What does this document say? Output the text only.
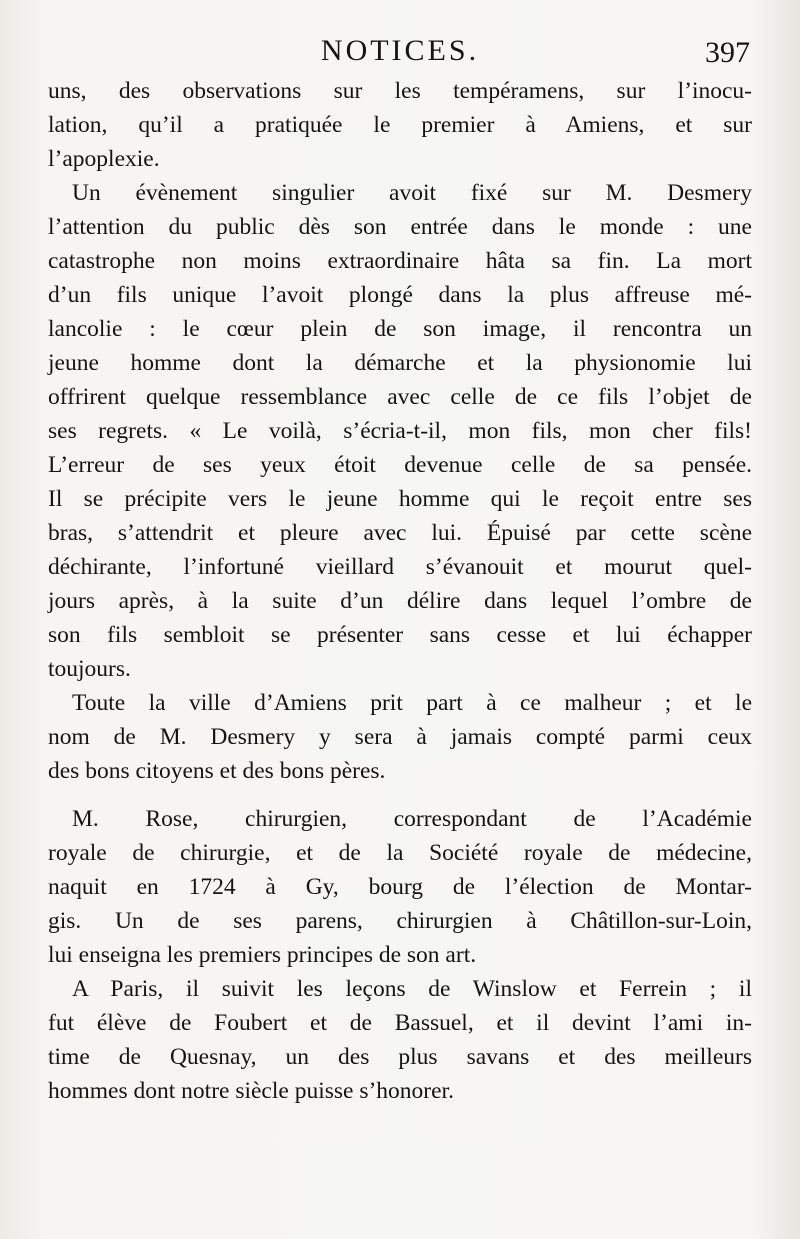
NOTICES.	397
uns, des observations sur les tempéramens, sur l’inocu-
lation, qu’il a pratiquée le premier à Amiens, et sur
l’apoplexie.
Un évènement singulier avoit fixé sur M. Desmery
l’attention du public dès son entrée dans le monde : une
catastrophe non moins extraordinaire hâta sa fin. La mort
d’un fils unique l’avoit plongé dans la plus affreuse mé-
lancolie : le cœur plein de son image, il rencontra un
jeune homme dont la démarche et la physionomie lui
offrirent quelque ressemblance avec celle de ce fils l’objet de
ses regrets. « Le voilà, s’écria-t-il, mon fils, mon cher fils!
L’erreur de ses yeux étoit devenue celle de sa pensée.
Il se précipite vers le jeune homme qui le reçoit entre ses
bras, s’attendrit et pleure avec lui. Épuisé par cette scène
déchirante, l’infortuné vieillard s’évanouit et mourut quel-
jours après, à la suite d’un délire dans lequel l’ombre de
son fils sembloit se présenter sans cesse et lui échapper
toujours.
Toute la ville d’Amiens prit part à ce malheur ; et le
nom de M. Desmery y sera à jamais compté parmi ceux
des bons citoyens et des bons pères.
M. Rose, chirurgien, correspondant de l’Académie
royale de chirurgie, et de la Société royale de médecine,
naquit en 1724 à Gy, bourg de l’élection de Montar-
gis. Un de ses parens, chirurgien à Châtillon-sur-Loin,
lui enseigna les premiers principes de son art.
A Paris, il suivit les leçons de Winslow et Ferrein ; il
fut élève de Foubert et de Bassuel, et il devint l’ami in-
time de Quesnay, un des plus savans et des meilleurs
hommes dont notre siècle puisse s’honorer.
